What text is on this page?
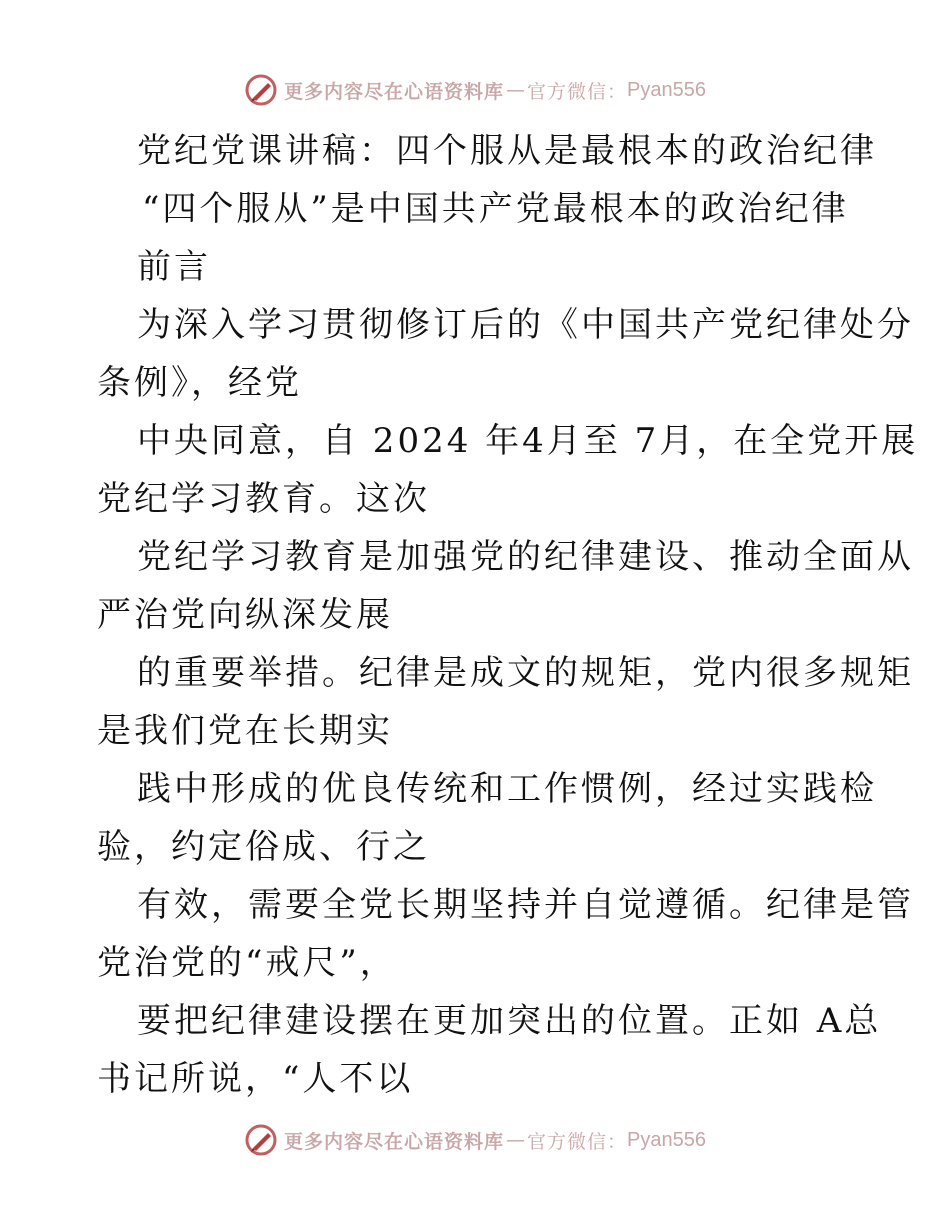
更多内容尽在心语资料库 — 官方微信： Pyan556
党纪党课讲稿：四个服从是最根本的政治纪律
“四个服从”是中国共产党最根本的政治纪律
前言
为深入学习贯彻修订后的《中国共产党纪律处分
条例》，经党
中央同意，自 2024 年4月至 7月，在全党开展
党纪学习教育。这次
党纪学习教育是加强党的纪律建设、推动全面从
严治党向纵深发展
的重要举措。纪律是成文的规矩，党内很多规矩
是我们党在长期实
践中形成的优良传统和工作惯例，经过实践检
验，约定俗成、行之
有效，需要全党长期坚持并自觉遵循。纪律是管
党治党的“戒尺”，
要把纪律建设摆在更加突出的位置。正如 A总
书记所说，“人不以
更多内容尽在心语资料库 — 官方微信： Pyan556
